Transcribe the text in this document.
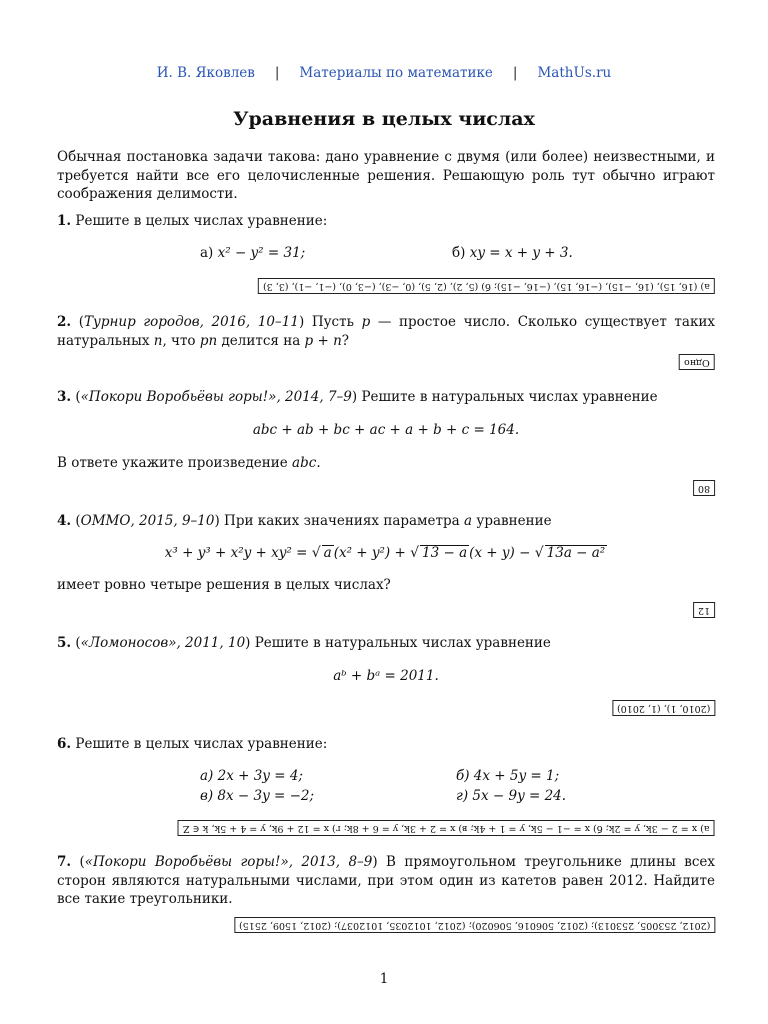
И. В. Яковлев | Материалы по математике | MathUs.ru
Уравнения в целых числах
Обычная постановка задачи такова: дано уравнение с двумя (или более) неизвестными, и требуется найти все его целочисленные решения. Решающую роль тут обычно играют соображения делимости.
1. Решите в целых числах уравнение:
а) x² − y² = 31;	б) xy = x + y + 3.
а) (16, 15), (16, −15), (−16, 15), (−16, −15); б) (5, 2), (2, 5), (0, −3), (−3, 0), (−1, −1), (3, 3)
2. (Турнир городов, 2016, 10–11) Пусть p — простое число. Сколько существует таких натуральных n, что pn делится на p + n?
Одно
3. («Покори Воробьёвы горы!», 2014, 7–9) Решите в натуральных числах уравнение
abc + ab + bc + ac + a + b + c = 164.
В ответе укажите произведение abc.
80
4. (ОММО, 2015, 9–10) При каких значениях параметра a уравнение
x³ + y³ + x²y + xy² = √ a (x² + y²) + √ 13 − a (x + y) − √ 13a − a²
имеет ровно четыре решения в целых числах?
12
5. («Ломоносов», 2011, 10) Решите в натуральных числах уравнение
aᵇ + bᵃ = 2011.
(2010, 1), (1, 2010)
6. Решите в целых числах уравнение:
а) 2x + 3y = 4;	б) 4x + 5y = 1;
в) 8x − 3y = −2;	г) 5x − 9y = 24.
а) x = 2 − 3k, y = 2k; б) x = −1 − 5k, y = 1 + 4k; в) x = 2 + 3k, y = 6 + 8k; г) x = 12 + 9k, y = 4 + 5k, k ∈ Z
7. («Покори Воробьёвы горы!», 2013, 8–9) В прямоугольном треугольнике длины всех сторон являются натуральными числами, при этом один из катетов равен 2012. Найдите все такие треугольники.
(2012, 253005, 253013); (2012, 506016, 506020); (2012, 1012035, 1012037); (2012, 1509, 2515)
1
